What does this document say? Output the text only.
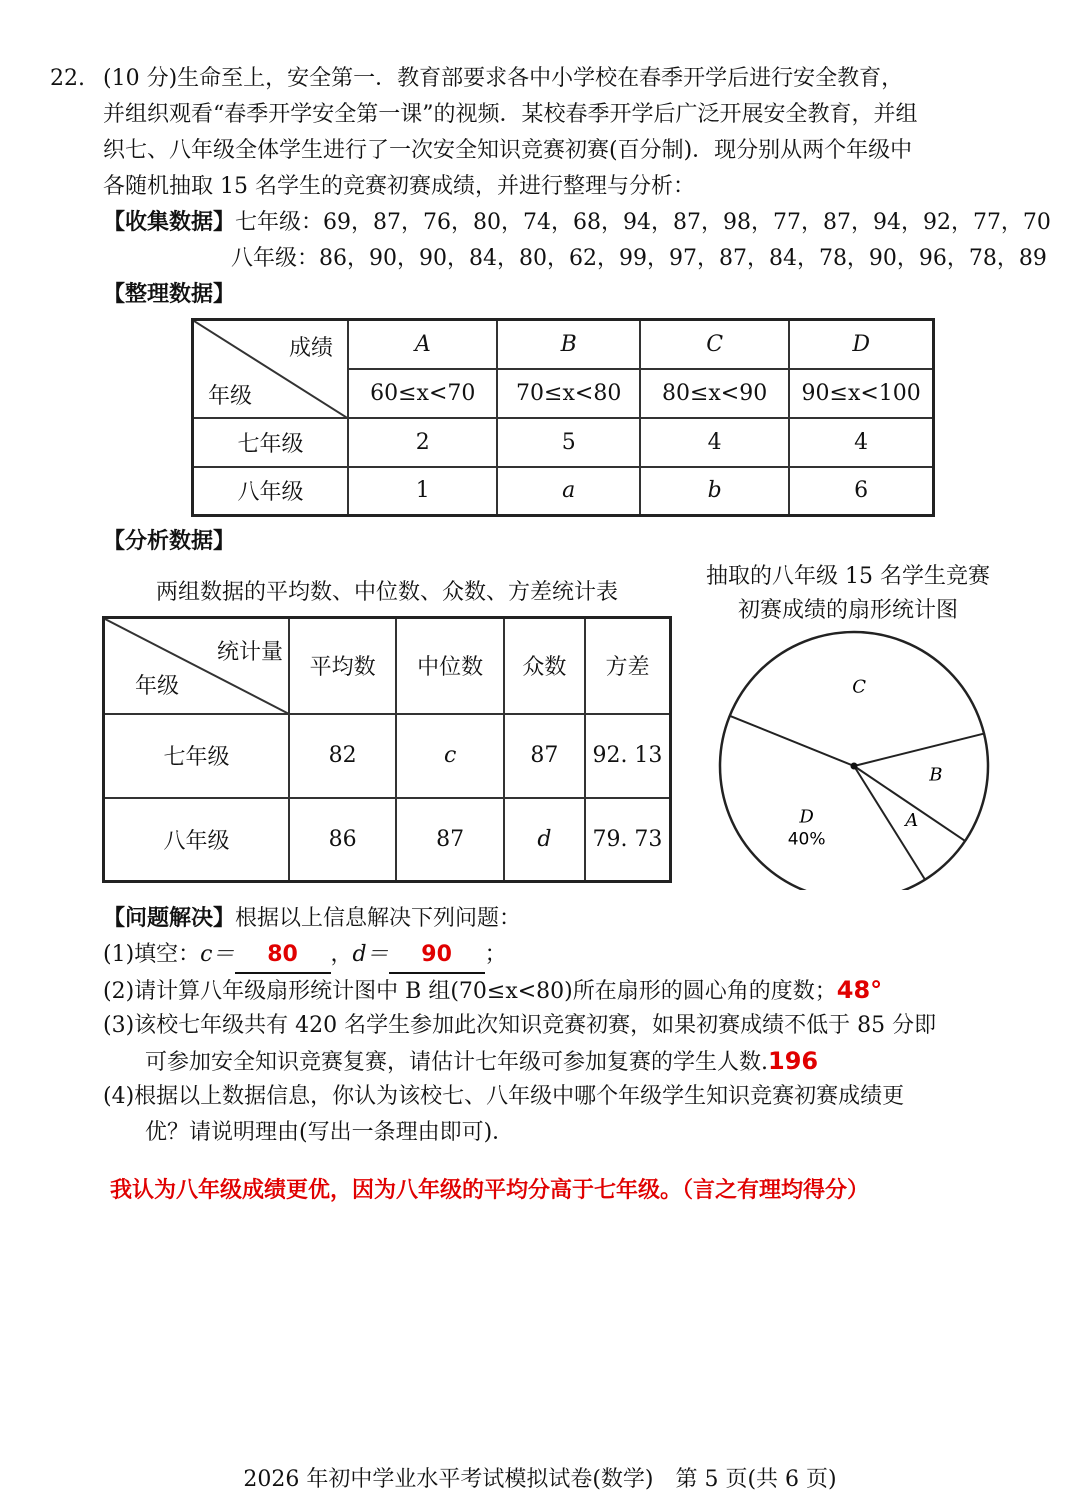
22. (10 分)生命至上，安全第一．教育部要求各中小学校在春季开学后进行安全教育，
并组织观看“春季开学安全第一课”的视频．某校春季开学后广泛开展安全教育，并组
织七、八年级全体学生进行了一次安全知识竞赛初赛(百分制)．现分别从两个年级中
各随机抽取 15 名学生的竞赛初赛成绩，并进行整理与分析：
【收集数据】七年级：69，87，76，80，74，68，94，87，98，77，87，94，92，77，70
八年级：86，90，90，84，80，62，99，97，87，84，78，90，96，78，89
【整理数据】
成绩
年级	A	B	C	D
	60≤x<70	70≤x<80	80≤x<90	90≤x<100
七年级	2	5	4	4
八年级	1	a	b	6
【分析数据】
两组数据的平均数、中位数、众数、方差统计表
统计量
年级	平均数	中位数	众数	方差
七年级	82	c	87	92. 13
八年级	86	87	d	79. 73
抽取的八年级 15 名学生竞赛
初赛成绩的扇形统计图
A
B
C
D
40%
【问题解决】根据以上信息解决下列问题：
(1)填空：c＝ 80 ，d＝ 90 ；
(2)请计算八年级扇形统计图中 B 组(70≤x<80)所在扇形的圆心角的度数；48°
(3)该校七年级共有 420 名学生参加此次知识竞赛初赛，如果初赛成绩不低于 85 分即
可参加安全知识竞赛复赛，请估计七年级可参加复赛的学生人数.196
(4)根据以上数据信息，你认为该校七、八年级中哪个年级学生知识竞赛初赛成绩更
优？请说明理由(写出一条理由即可)．
我认为八年级成绩更优，因为八年级的平均分高于七年级。（言之有理均得分）
2026 年初中学业水平考试模拟试卷(数学)　第 5 页(共 6 页)
